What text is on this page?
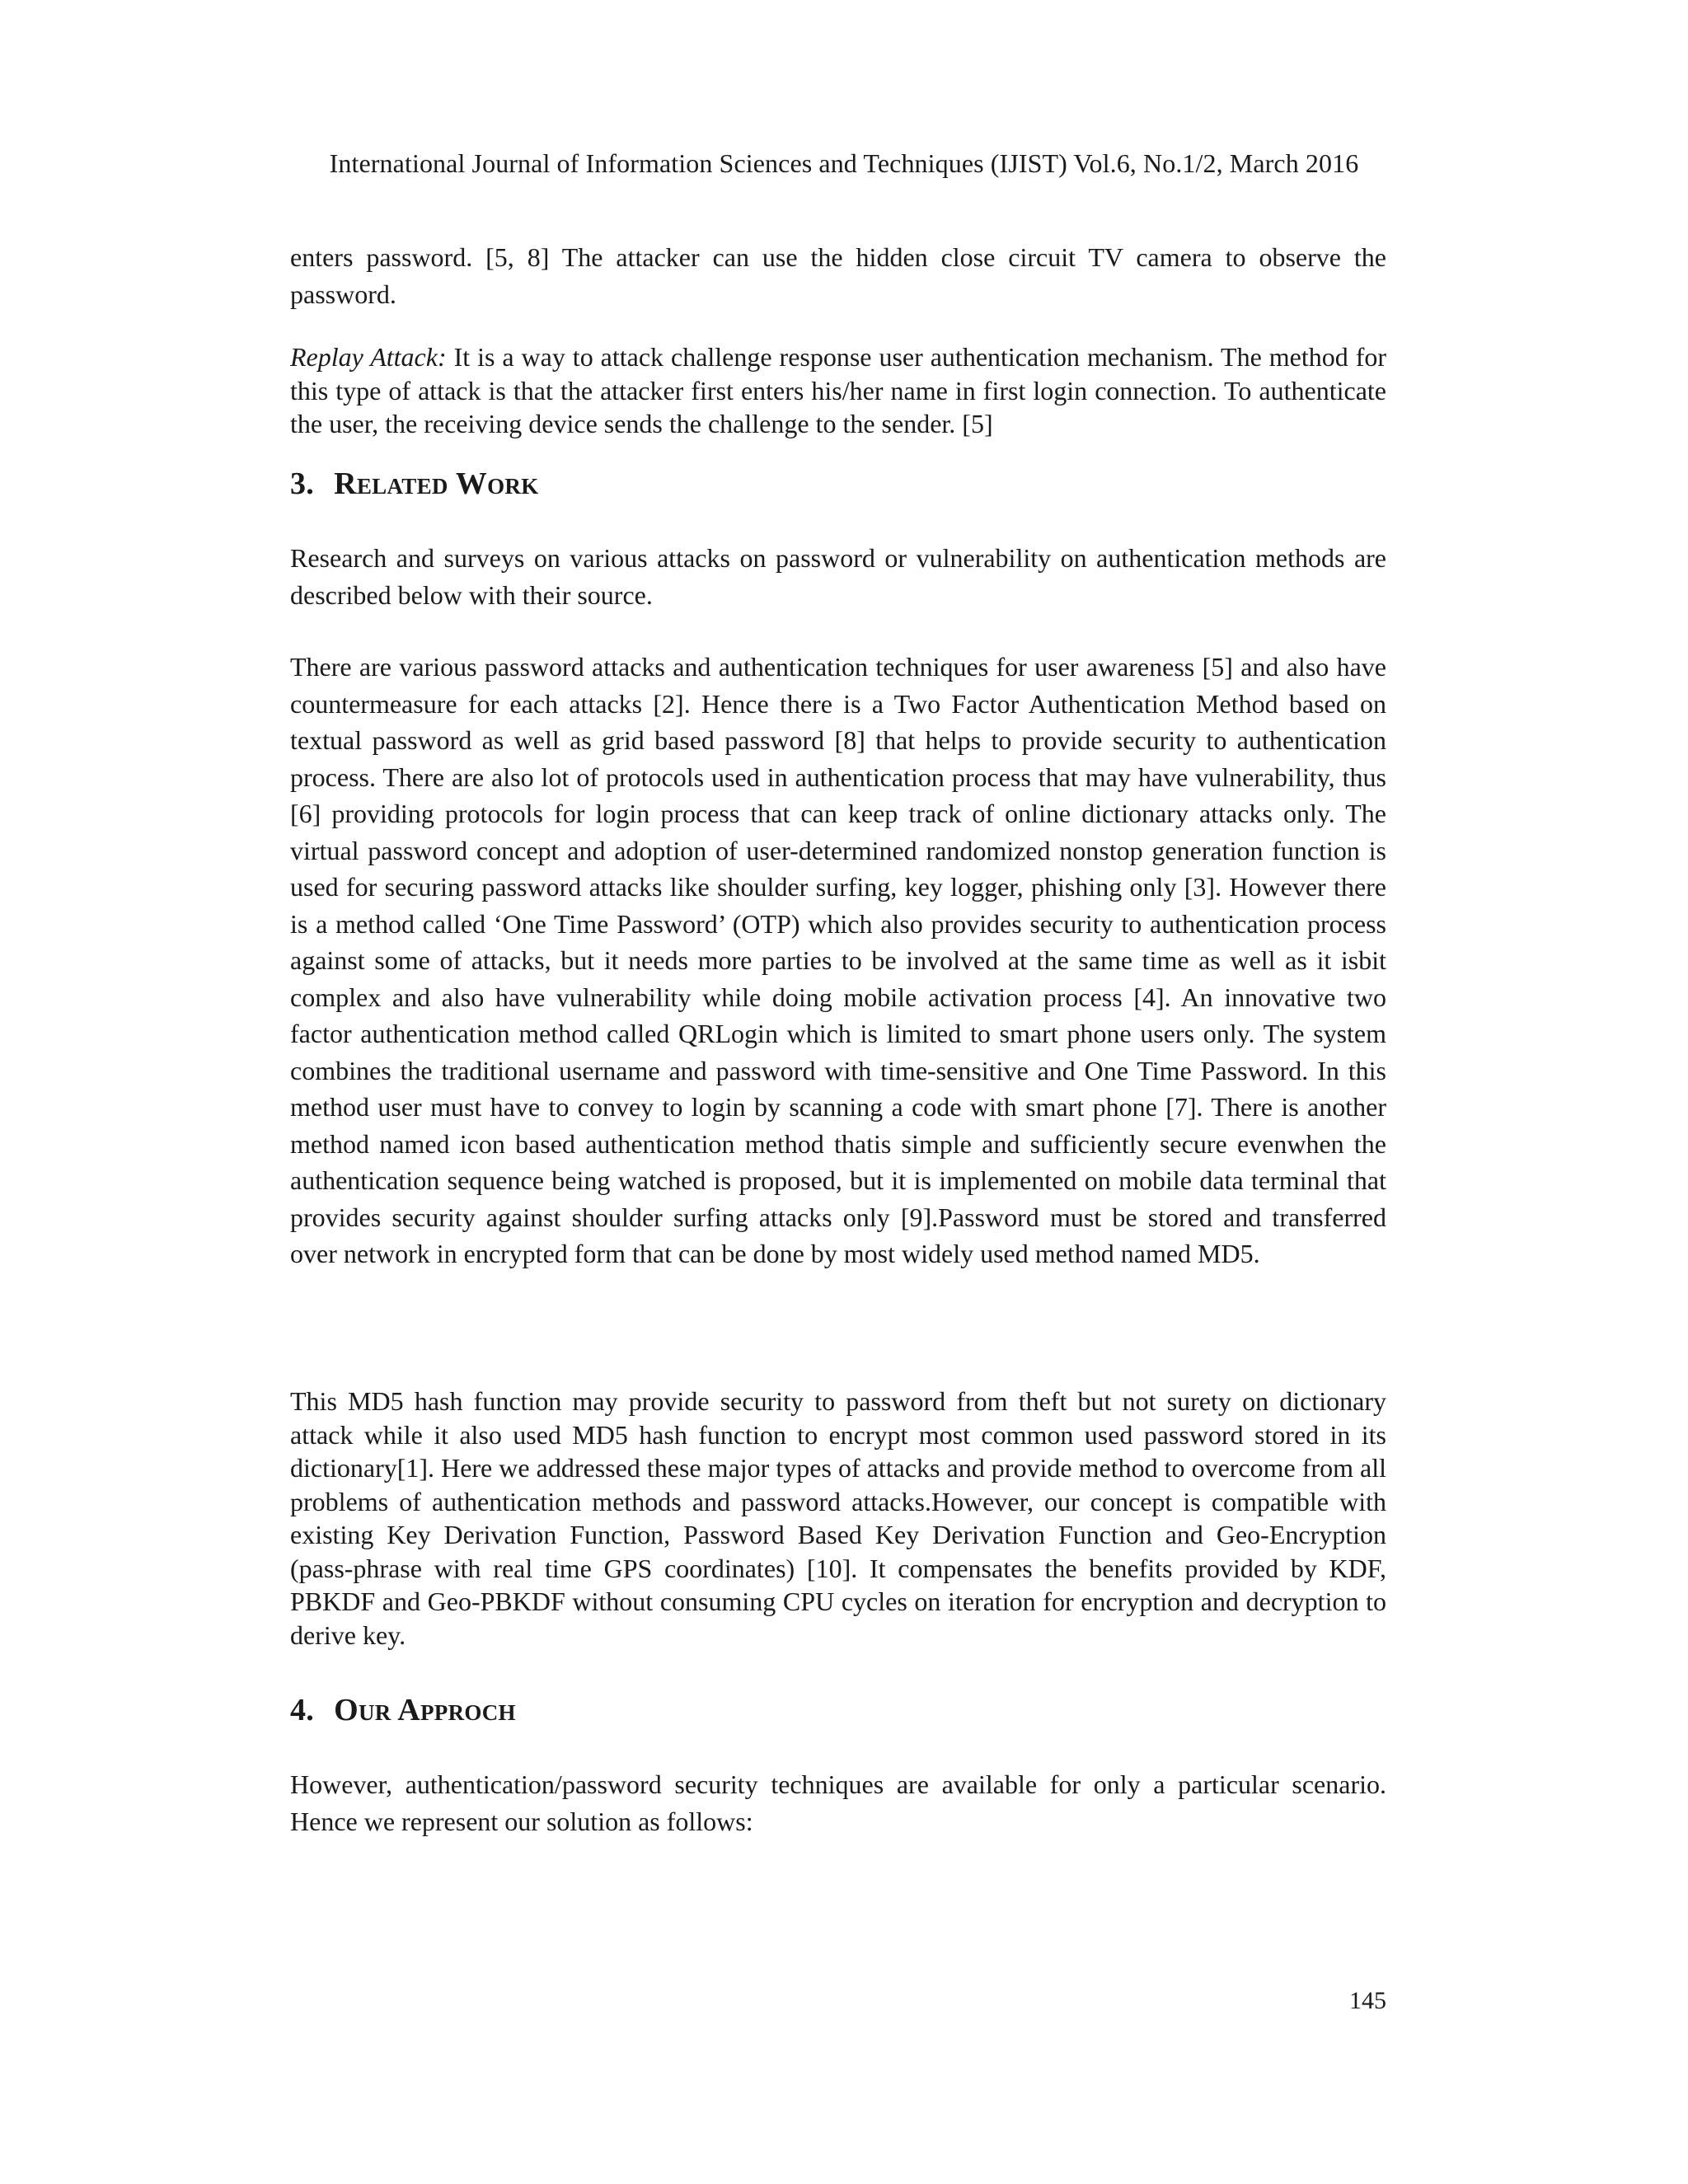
International Journal of Information Sciences and Techniques (IJIST) Vol.6, No.1/2, March 2016

enters password. [5, 8] The attacker can use the hidden close circuit TV camera to observe the password.

Replay Attack: It is a way to attack challenge response user authentication mechanism. The method for this type of attack is that the attacker first enters his/her name in first login connection. To authenticate the user, the receiving device sends the challenge to the sender. [5]

3. Related Work

Research and surveys on various attacks on password or vulnerability on authentication methods are described below with their source.

There are various password attacks and authentication techniques for user awareness [5] and also have countermeasure for each attacks [2]. Hence there is a Two Factor Authentication Method based on textual password as well as grid based password [8] that helps to provide security to authentication process. There are also lot of protocols used in authentication process that may have vulnerability, thus [6] providing protocols for login process that can keep track of online dictionary attacks only. The virtual password concept and adoption of user-determined randomized nonstop generation function is used for securing password attacks like shoulder surfing, key logger, phishing only [3]. However there is a method called ‘One Time Password’ (OTP) which also provides security to authentication process against some of attacks, but it needs more parties to be involved at the same time as well as it isbit complex and also have vulnerability while doing mobile activation process [4]. An innovative two factor authentication method called QRLogin which is limited to smart phone users only. The system combines the traditional username and password with time-sensitive and One Time Password. In this method user must have to convey to login by scanning a code with smart phone [7]. There is another method named icon based authentication method thatis simple and sufficiently secure evenwhen the authentication sequence being watched is proposed, but it is implemented on mobile data terminal that provides security against shoulder surfing attacks only [9].Password must be stored and transferred over network in encrypted form that can be done by most widely used method named MD5.

This MD5 hash function may provide security to password from theft but not surety on dictionary attack while it also used MD5 hash function to encrypt most common used password stored in its dictionary[1]. Here we addressed these major types of attacks and provide method to overcome from all problems of authentication methods and password attacks.However, our concept is compatible with existing Key Derivation Function, Password Based Key Derivation Function and Geo-Encryption (pass-phrase with real time GPS coordinates) [10]. It compensates the benefits provided by KDF, PBKDF and Geo-PBKDF without consuming CPU cycles on iteration for encryption and decryption to derive key.

4. Our Approch

However, authentication/password security techniques are available for only a particular scenario. Hence we represent our solution as follows:

145
